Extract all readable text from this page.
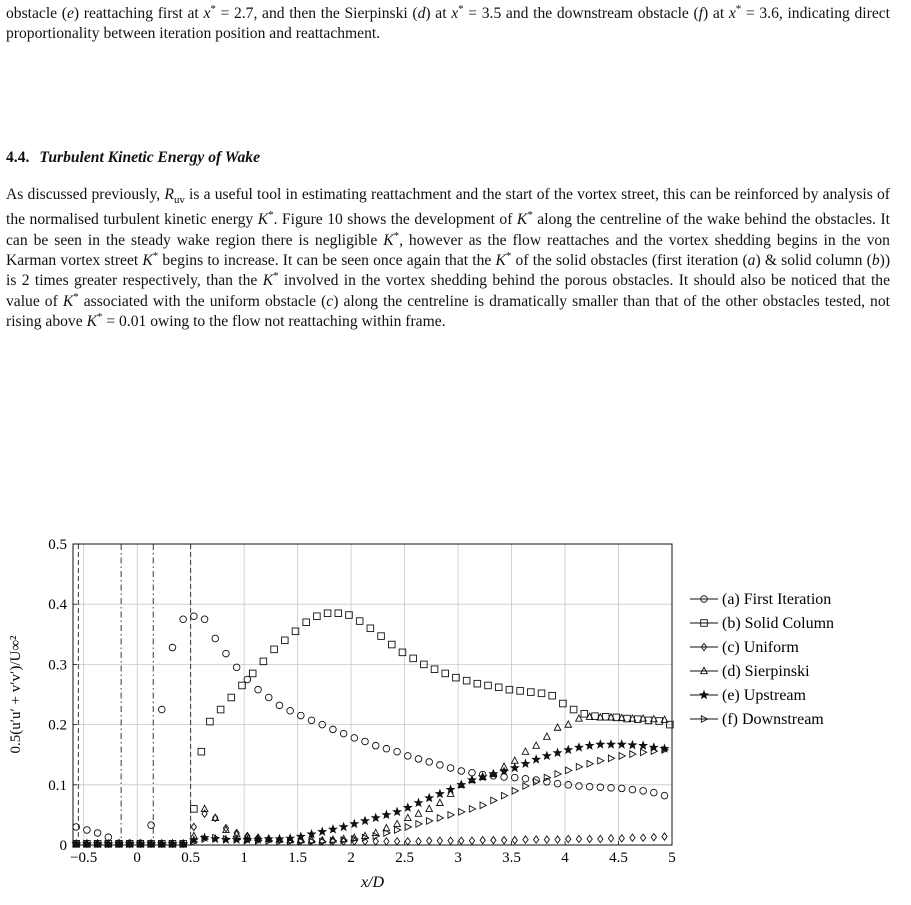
obstacle (e) reattaching first at x* = 2.7, and then the Sierpinski (d) at x* = 3.5 and the downstream obstacle (f) at x* = 3.6, indicating direct proportionality between iteration position and reattachment.
4.4. Turbulent Kinetic Energy of Wake
As discussed previously, $R_{uv}$ is a useful tool in estimating reattachment and the start of the vortex street, this can be reinforced by analysis of the normalised turbulent kinetic energy K*. Figure 10 shows the development of K* along the centreline of the wake behind the obstacles. It can be seen in the steady wake region there is negligible K*, however as the flow reattaches and the vortex shedding begins in the von Karman vortex street K* begins to increase. It can be seen once again that the K* of the solid obstacles (first iteration (a) & solid column (b)) is 2 times greater respectively, than the K* involved in the vortex shedding behind the porous obstacles. It should also be noticed that the value of K* associated with the uniform obstacle (c) along the centreline is dramatically smaller than that of the other obstacles tested, not rising above K* = 0.01 owing to the flow not reattaching within frame.
−0.5 0	0.5	1	1.5	2	2.5	3	3.5	4	4.5	5
0
0.1
0.2
0.3
0.4
0.5
x/D
0.5(u′u′ + v′v′)/U∞²
(a) First Iteration
(b) Solid Column
(c) Uniform
(d) Sierpinski
(e) Upstream
(f) Downstream
